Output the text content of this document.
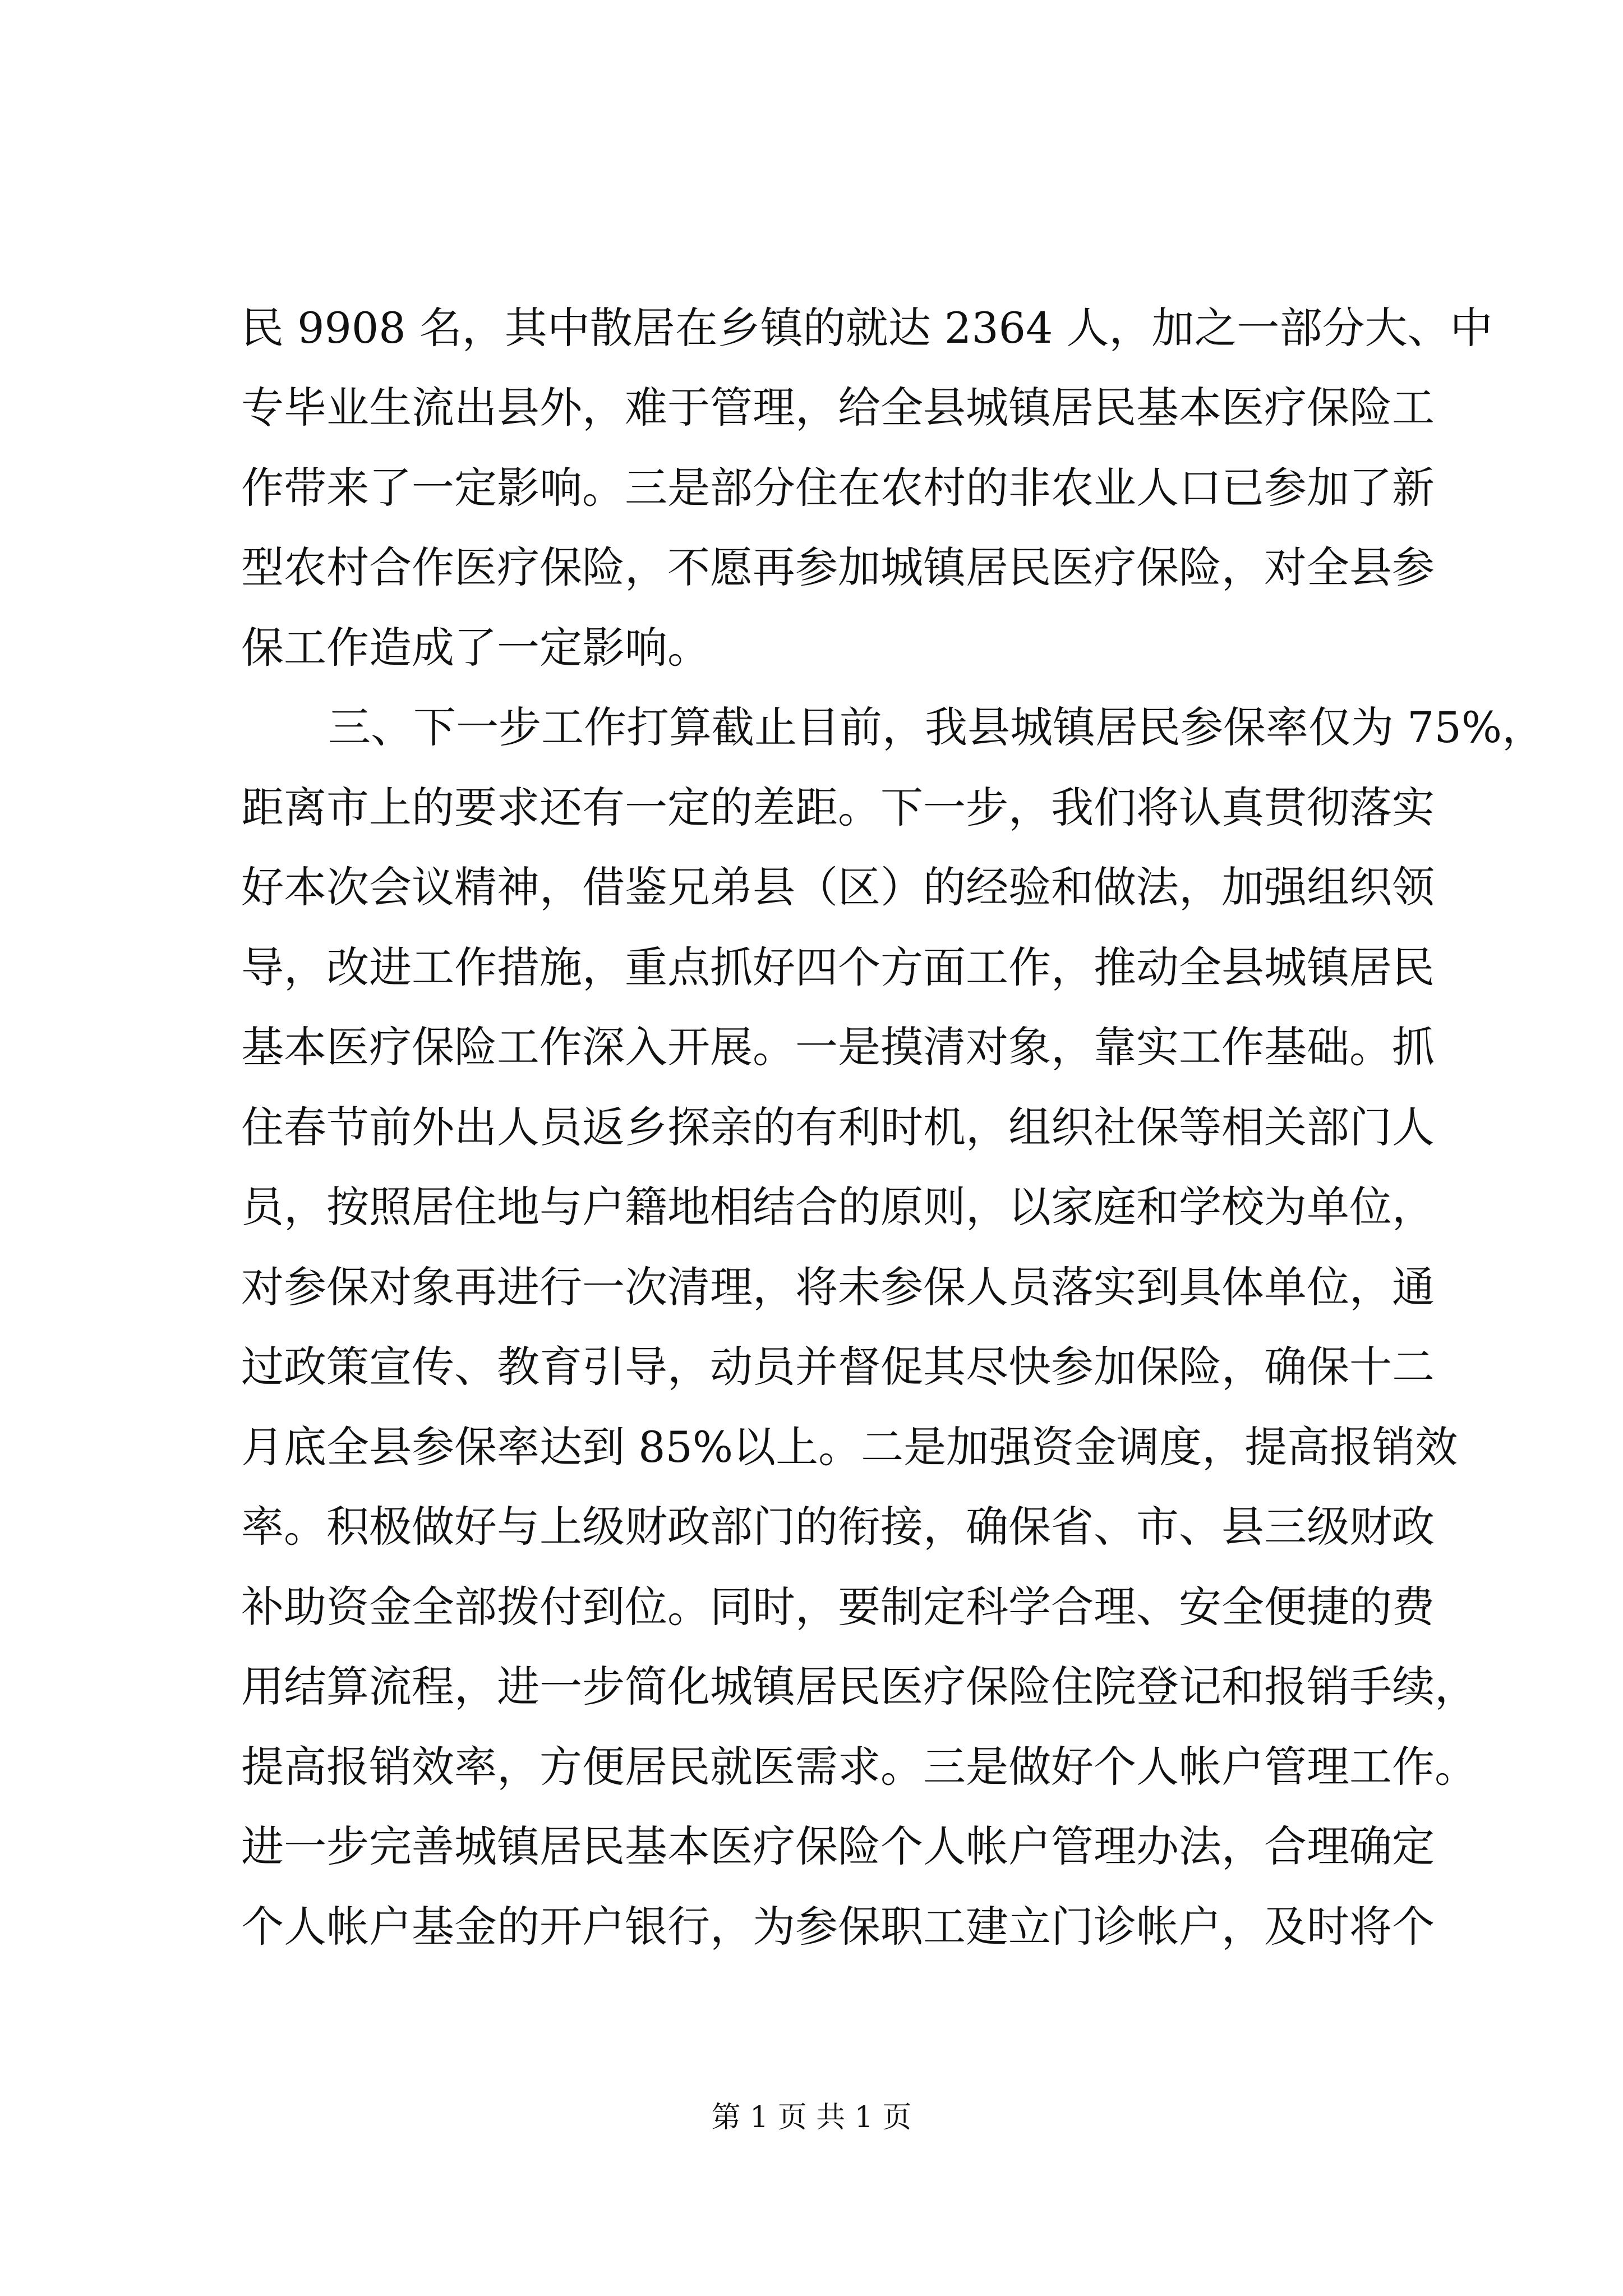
民 9908 名，其中散居在乡镇的就达 2364 人，加之一部分大、中
专毕业生流出县外，难于管理，给全县城镇居民基本医疗保险工
作带来了一定影响。三是部分住在农村的非农业人口已参加了新
型农村合作医疗保险，不愿再参加城镇居民医疗保险，对全县参
保工作造成了一定影响。
三、下一步工作打算截止目前，我县城镇居民参保率仅为 75%，
距离市上的要求还有一定的差距。下一步，我们将认真贯彻落实
好本次会议精神，借鉴兄弟县（区）的经验和做法，加强组织领
导，改进工作措施，重点抓好四个方面工作，推动全县城镇居民
基本医疗保险工作深入开展。一是摸清对象，靠实工作基础。抓
住春节前外出人员返乡探亲的有利时机，组织社保等相关部门人
员，按照居住地与户籍地相结合的原则，以家庭和学校为单位，
对参保对象再进行一次清理，将未参保人员落实到具体单位，通
过政策宣传、教育引导，动员并督促其尽快参加保险，确保十二
月底全县参保率达到 85%以上。二是加强资金调度，提高报销效
率。积极做好与上级财政部门的衔接，确保省、市、县三级财政
补助资金全部拨付到位。同时，要制定科学合理、安全便捷的费
用结算流程，进一步简化城镇居民医疗保险住院登记和报销手续，
提高报销效率，方便居民就医需求。三是做好个人帐户管理工作。
进一步完善城镇居民基本医疗保险个人帐户管理办法，合理确定
个人帐户基金的开户银行，为参保职工建立门诊帐户，及时将个
第 1 页 共 1 页
